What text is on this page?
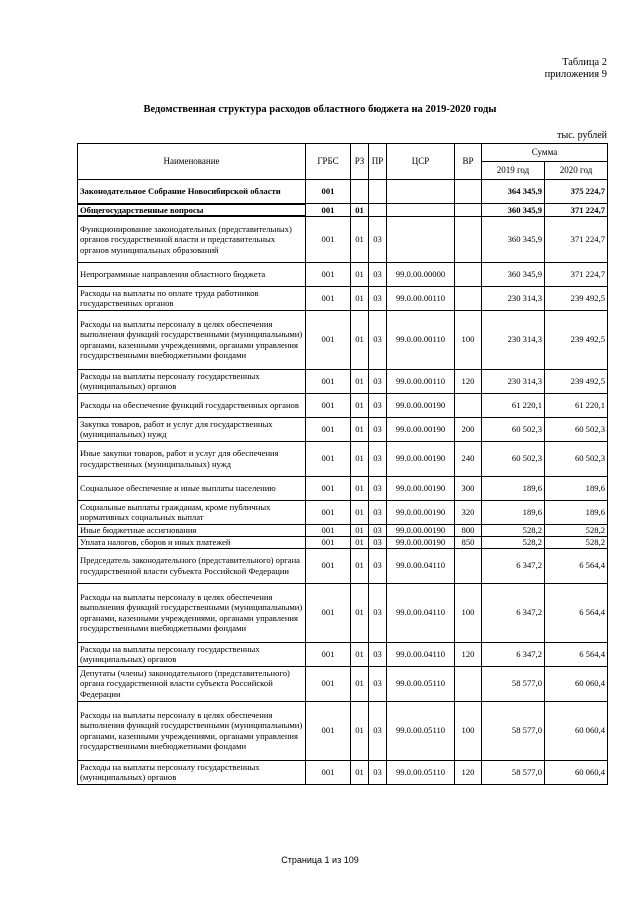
Таблица 2
приложения 9
Ведомственная структура расходов областного бюджета на 2019-2020 годы
тыс. рублей
Наименование	ГРБС	РЗ	ПР	ЦСР	ВР	Сумма	
						2019 год	2020 год
Законодательное Собрание Новосибирской области	001					364 345,9	375 224,7
Общегосударственные вопросы	001	01				360 345,9	371 224,7
Функционирование законодательных (представительных) органов государственной власти и представительных органов муниципальных образований	001	01	03			360 345,9	371 224,7
Непрограммные направления областного бюджета	001	01	03	99.0.00.00000		360 345,9	371 224,7
Расходы на выплаты по оплате труда работников государственных органов	001	01	03	99.0.00.00110		230 314,3	239 492,5
Расходы на выплаты персоналу в целях обеспечения выполнения функций государственными (муниципальными) органами, казенными учреждениями, органами управления государственными внебюджетными фондами	001	01	03	99.0.00.00110	100	230 314,3	239 492,5
Расходы на выплаты персоналу государственных (муниципальных) органов	001	01	03	99.0.00.00110	120	230 314,3	239 492,5
Расходы на обеспечение функций государственных органов	001	01	03	99.0.00.00190		61 220,1	61 220,1
Закупка товаров, работ и услуг для государственных (муниципальных) нужд	001	01	03	99.0.00.00190	200	60 502,3	60 502,3
Иные закупки товаров, работ и услуг для обеспечения государственных (муниципальных) нужд	001	01	03	99.0.00.00190	240	60 502,3	60 502,3
Социальное обеспечение и иные выплаты населению	001	01	03	99.0.00.00190	300	189,6	189,6
Социальные выплаты гражданам, кроме публичных нормативных социальных выплат	001	01	03	99.0.00.00190	320	189,6	189,6
Иные бюджетные ассигнования	001	01	03	99.0.00.00190	800	528,2	528,2
Уплата налогов, сборов и иных платежей	001	01	03	99.0.00.00190	850	528,2	528,2
Председатель законодательного (представительного) органа государственной власти субъекта Российской Федерации	001	01	03	99.0.00.04110		6 347,2	6 564,4
Расходы на выплаты персоналу в целях обеспечения выполнения функций государственными (муниципальными) органами, казенными учреждениями, органами управления государственными внебюджетными фондами	001	01	03	99.0.00.04110	100	6 347,2	6 564,4
Расходы на выплаты персоналу государственных (муниципальных) органов	001	01	03	99.0.00.04110	120	6 347,2	6 564,4
Депутаты (члены) законодательного (представительного) органа государственной власти субъекта Российской Федерации	001	01	03	99.0.00.05110		58 577,0	60 060,4
Расходы на выплаты персоналу в целях обеспечения выполнения функций государственными (муниципальными) органами, казенными учреждениями, органами управления государственными внебюджетными фондами	001	01	03	99.0.00.05110	100	58 577,0	60 060,4
Расходы на выплаты персоналу государственных (муниципальных) органов	001	01	03	99.0.00.05110	120	58 577,0	60 060,4
Страница 1 из 109
